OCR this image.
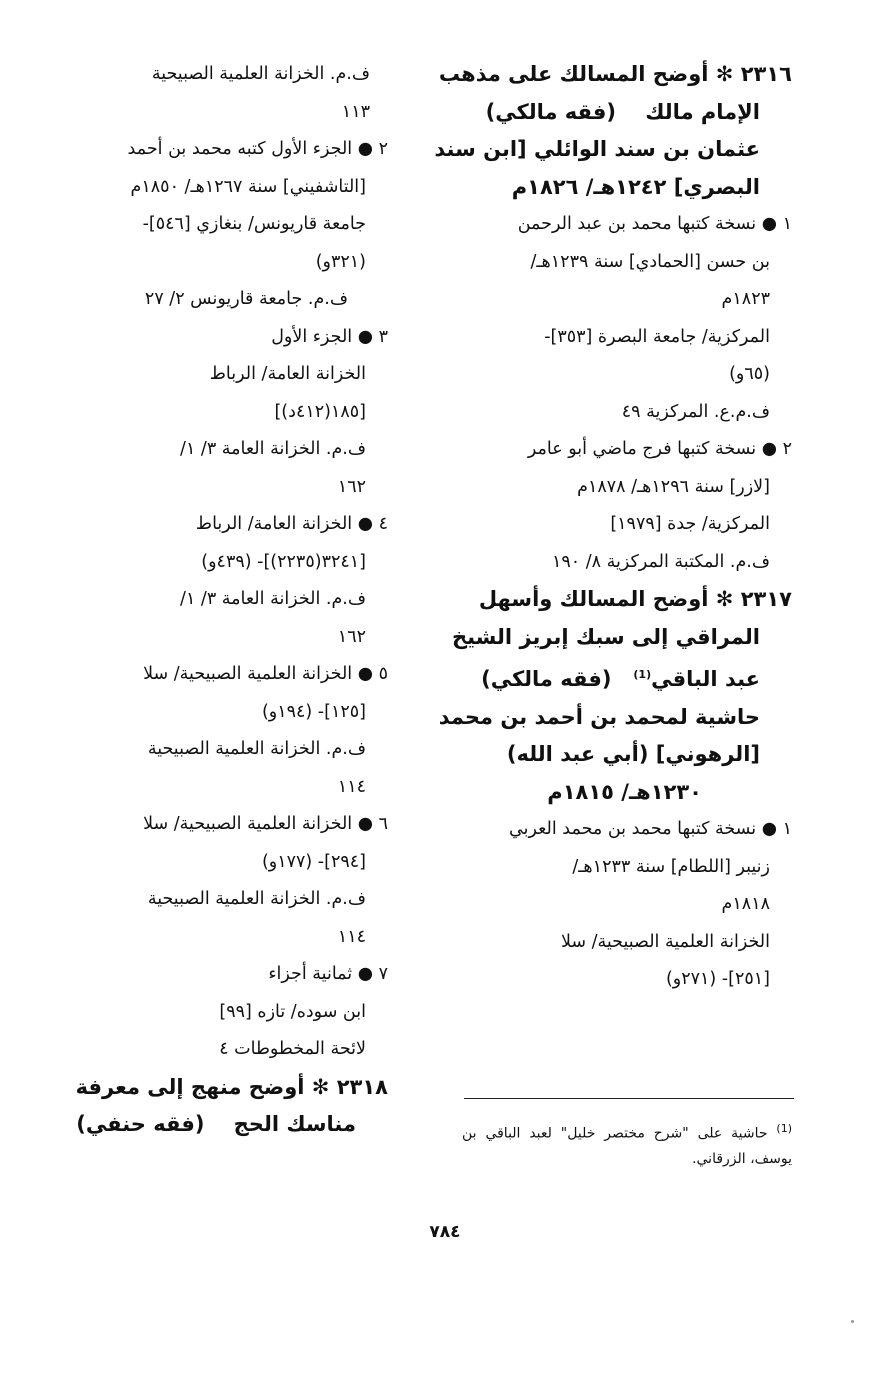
٢٣١٦ ✻ أوضح المسالك على مذهب
الإمام مالك    (فقه مالكي)
عثمان بن سند الوائلي [ابن سند
البصري] ١٢٤٢هـ/ ١٨٢٦م
١ ● نسخة كتبها محمد بن عبد الرحمن
بن حسن [الحمادي] سنة ١٢٣٩هـ/
١٨٢٣م
المركزية/ جامعة البصرة [٣٥٣]-
(٦٥و)
ف.م.ع. المركزية ٤٩
٢ ● نسخة كتبها فرج ماضي أبو عامر
[لازر] سنة ١٢٩٦هـ/ ١٨٧٨م
المركزية/ جدة [١٩٧٩]
ف.م. المكتبة المركزية ٨/ ١٩٠
٢٣١٧ ✻ أوضح المسالك وأسهل
المراقي إلى سبك إبريز الشيخ
عبد الباقي$^{(1)}$   (فقه مالكي)
حاشية لمحمد بن أحمد بن محمد
[الرهوني] (أبي عبد الله)
١٢٣٠هـ/ ١٨١٥م
١ ● نسخة كتبها محمد بن محمد العربي
زنيبر [اللطام] سنة ١٢٣٣هـ/
١٨١٨م
الخزانة العلمية الصبيحية/ سلا
[٢٥١]- (٢٧١و)
ف.م. الخزانة العلمية الصبيحية
١١٣
٢ ● الجزء الأول كتبه محمد بن أحمد
[التاشفيني] سنة ١٢٦٧هـ/ ١٨٥٠م
جامعة قاريونس/ بنغازي [٥٤٦]-
(٣٢١و)
ف.م. جامعة قاريونس ٢/ ٢٧
٣ ● الجزء الأول
الخزانة العامة/ الرباط
[١٨٥(٤١٢د)]
ف.م. الخزانة العامة ٣/ ١/
١٦٢
٤ ● الخزانة العامة/ الرباط
[٣٢٤١(٢٢٣٥)]- (٤٣٩و)
ف.م. الخزانة العامة ٣/ ١/
١٦٢
٥ ● الخزانة العلمية الصبيحية/ سلا
[١٢٥]- (١٩٤و)
ف.م. الخزانة العلمية الصبيحية
١١٤
٦ ● الخزانة العلمية الصبيحية/ سلا
[٢٩٤]- (١٧٧و)
ف.م. الخزانة العلمية الصبيحية
١١٤
٧ ● ثمانية أجزاء
ابن سوده/ تازه [٩٩]
لائحة المخطوطات ٤
٢٣١٨ ✻ أوضح منهج إلى معرفة
مناسك الحج    (فقه حنفي)	$^{(1)}$ حاشية على "شرح مختصر خليل" لعبد الباقي بن يوسف، الزرقاني.
٧٨٤
